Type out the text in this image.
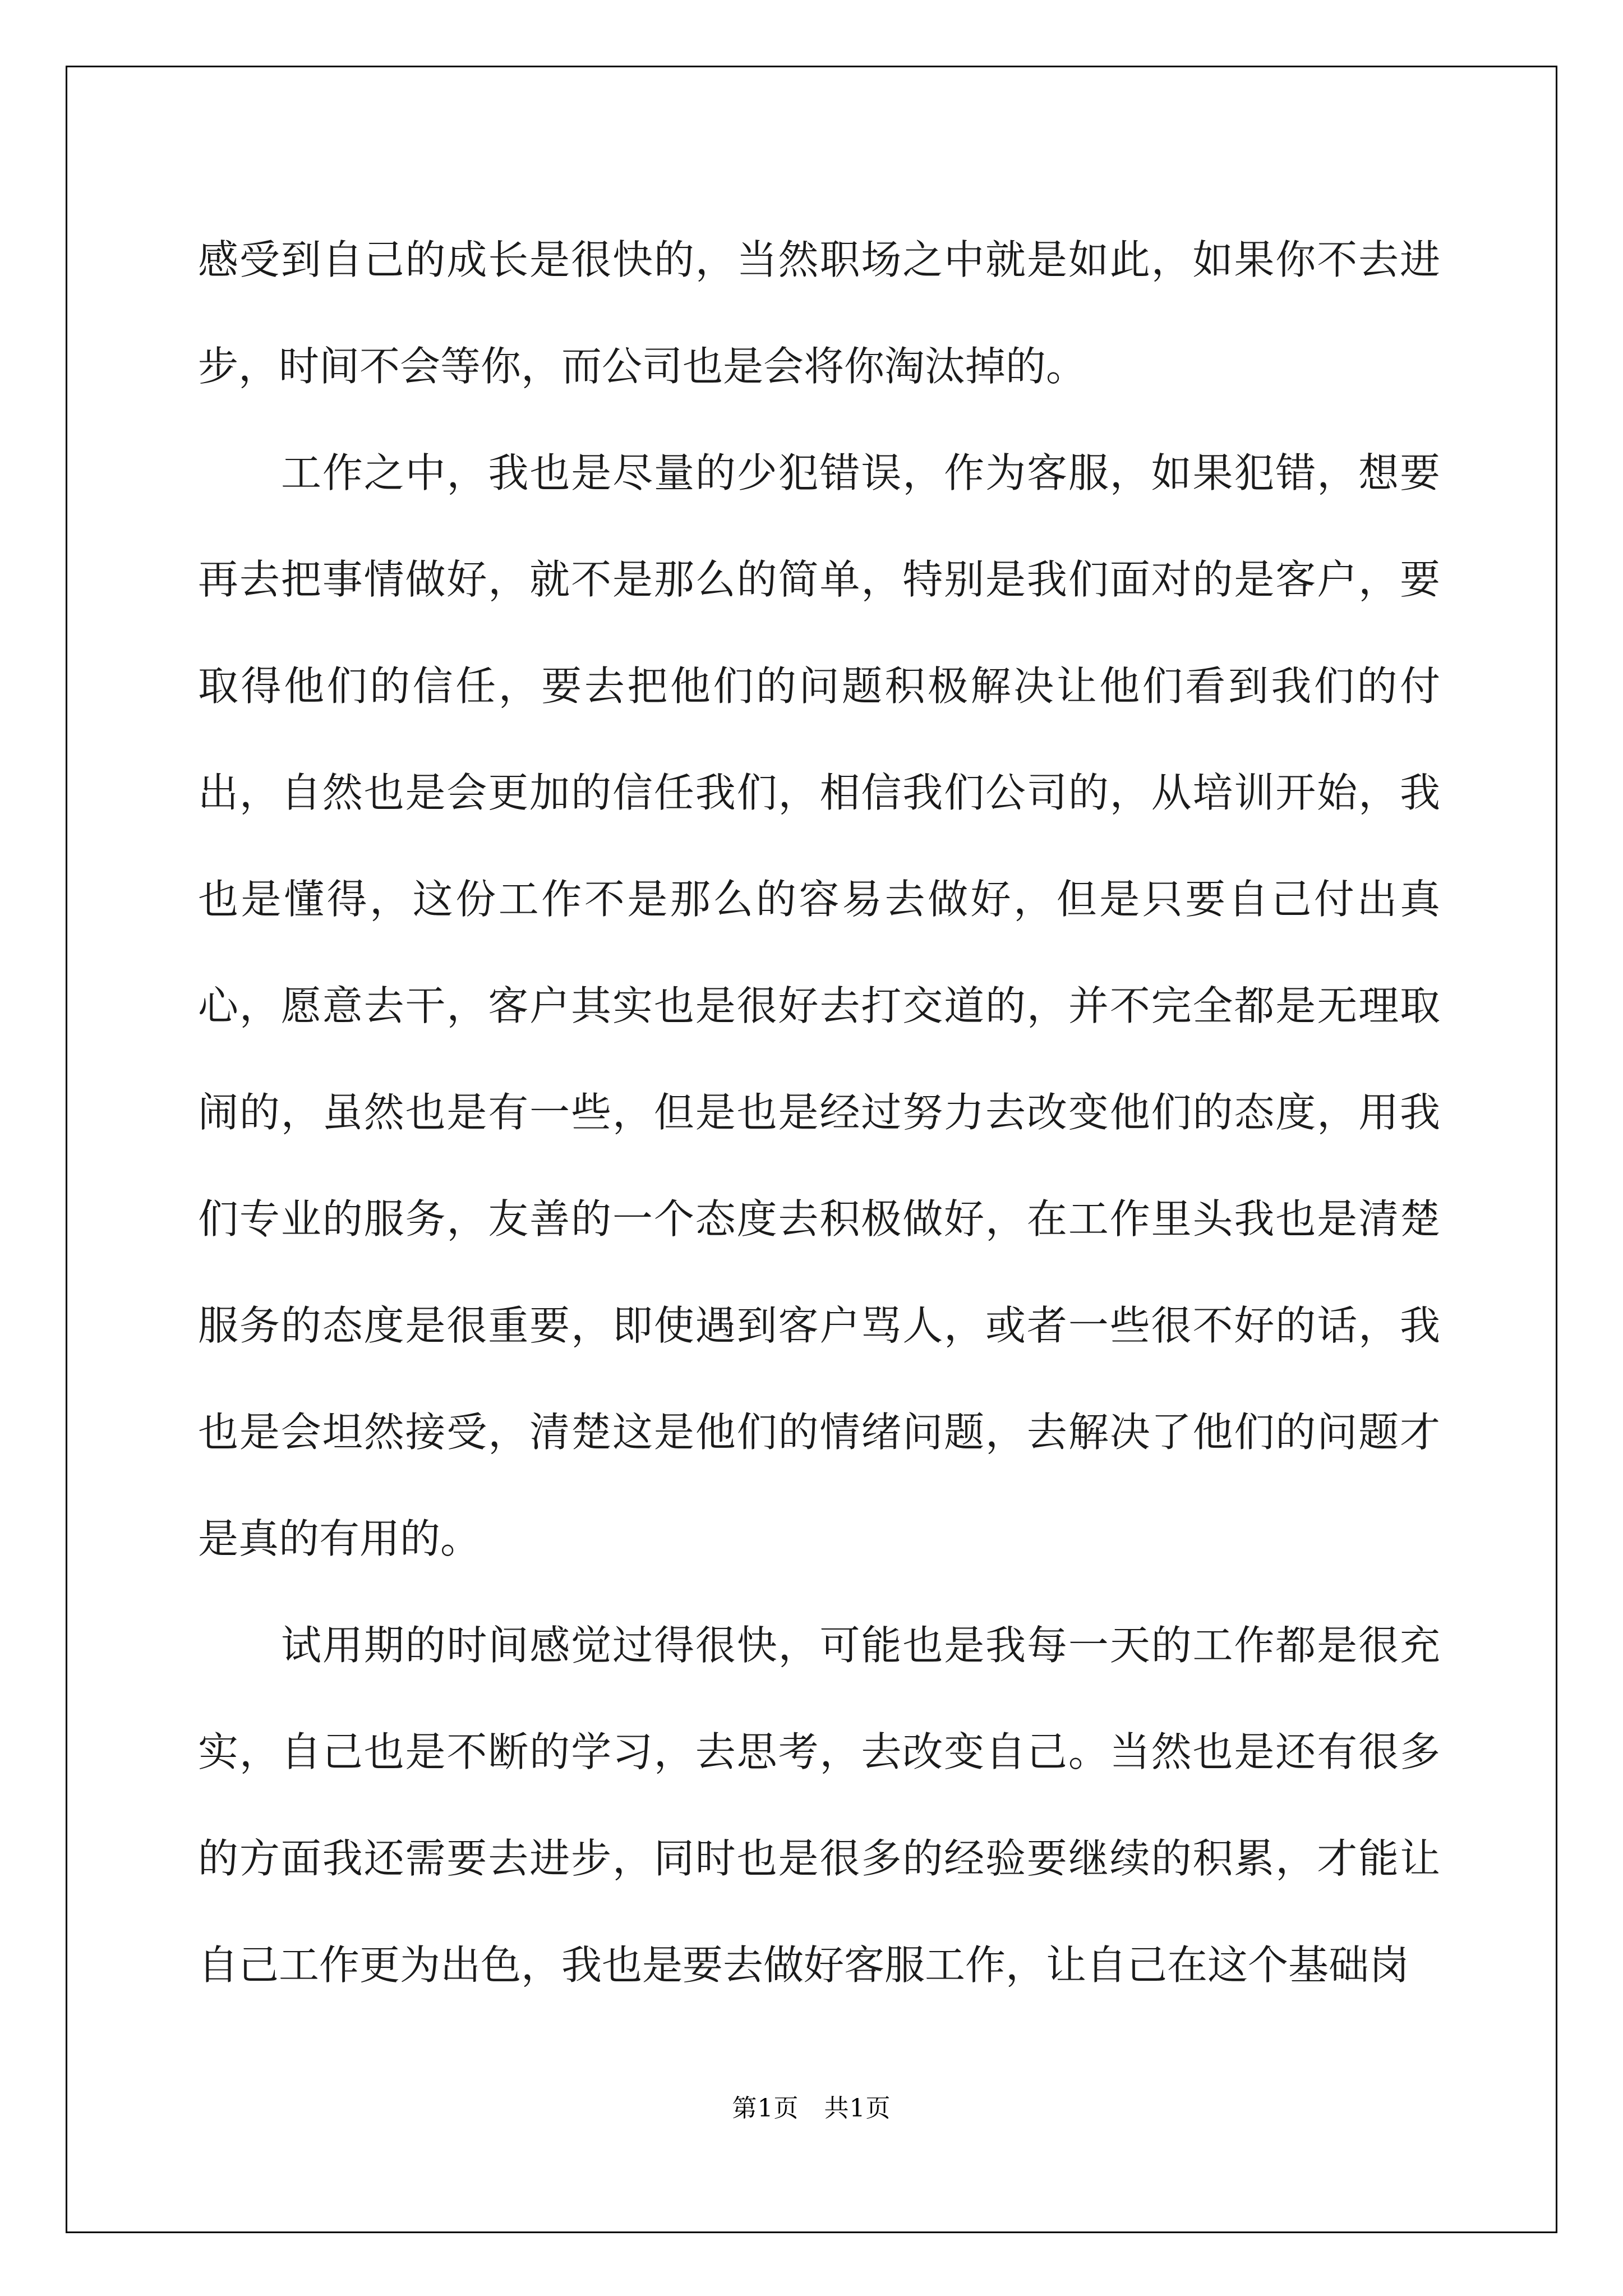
感受到自己的成长是很快的，当然职场之中就是如此，如果你不去进步，时间不会等你，而公司也是会将你淘汰掉的。

工作之中，我也是尽量的少犯错误，作为客服，如果犯错，想要再去把事情做好，就不是那么的简单，特别是我们面对的是客户，要取得他们的信任，要去把他们的问题积极解决让他们看到我们的付出，自然也是会更加的信任我们，相信我们公司的，从培训开始，我也是懂得，这份工作不是那么的容易去做好，但是只要自己付出真心，愿意去干，客户其实也是很好去打交道的，并不完全都是无理取闹的，虽然也是有一些，但是也是经过努力去改变他们的态度，用我们专业的服务，友善的一个态度去积极做好，在工作里头我也是清楚服务的态度是很重要，即使遇到客户骂人，或者一些很不好的话，我也是会坦然接受，清楚这是他们的情绪问题，去解决了他们的问题才是真的有用的。

试用期的时间感觉过得很快，可能也是我每一天的工作都是很充实，自己也是不断的学习，去思考，去改变自己。当然也是还有很多的方面我还需要去进步，同时也是很多的经验要继续的积累，才能让自己工作更为出色，我也是要去做好客服工作，让自己在这个基础岗

第1页　共1页
